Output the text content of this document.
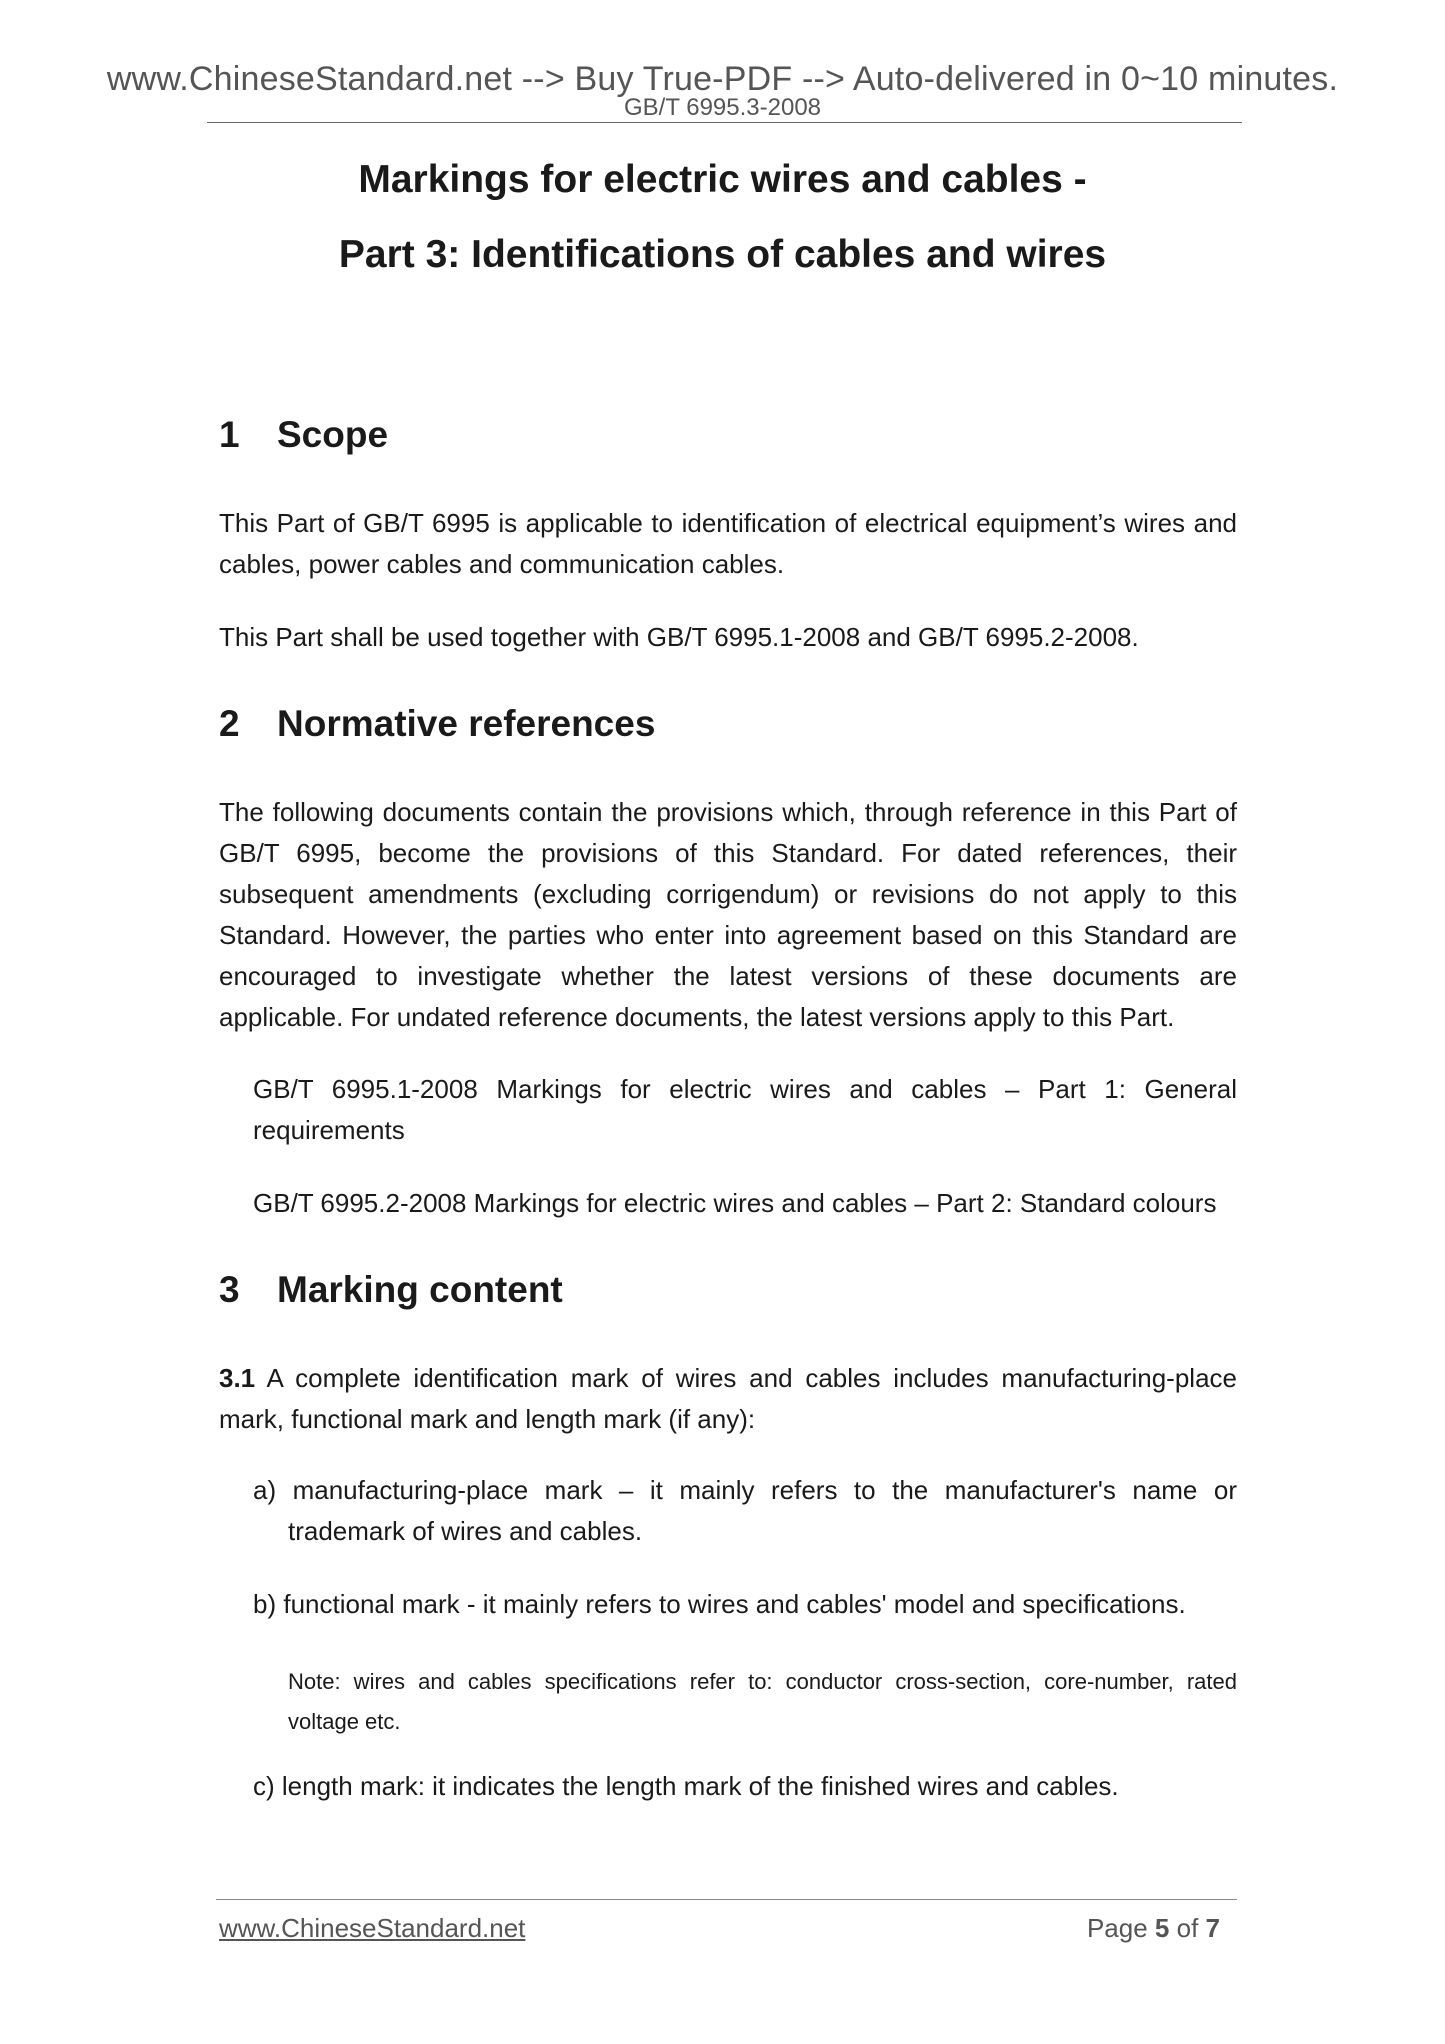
www.ChineseStandard.net --> Buy True-PDF --> Auto-delivered in 0~10 minutes.
GB/T 6995.3-2008
Markings for electric wires and cables -
Part 3: Identifications of cables and wires
1 Scope
This Part of GB/T 6995 is applicable to identification of electrical equipment’s wires and cables, power cables and communication cables.
This Part shall be used together with GB/T 6995.1-2008 and GB/T 6995.2-2008.
2 Normative references
The following documents contain the provisions which, through reference in this Part of GB/T 6995, become the provisions of this Standard. For dated references, their subsequent amendments (excluding corrigendum) or revisions do not apply to this Standard. However, the parties who enter into agreement based on this Standard are encouraged to investigate whether the latest versions of these documents are applicable. For undated reference documents, the latest versions apply to this Part.
GB/T 6995.1-2008 Markings for electric wires and cables – Part 1: General requirements
GB/T 6995.2-2008 Markings for electric wires and cables – Part 2: Standard colours
3 Marking content
3.1 A complete identification mark of wires and cables includes manufacturing-place mark, functional mark and length mark (if any):
a) manufacturing-place mark – it mainly refers to the manufacturer's name or trademark of wires and cables.
b) functional mark - it mainly refers to wires and cables' model and specifications.
Note: wires and cables specifications refer to: conductor cross-section, core-number, rated voltage etc.
c) length mark: it indicates the length mark of the finished wires and cables.
www.ChineseStandard.net	Page 5 of 7
